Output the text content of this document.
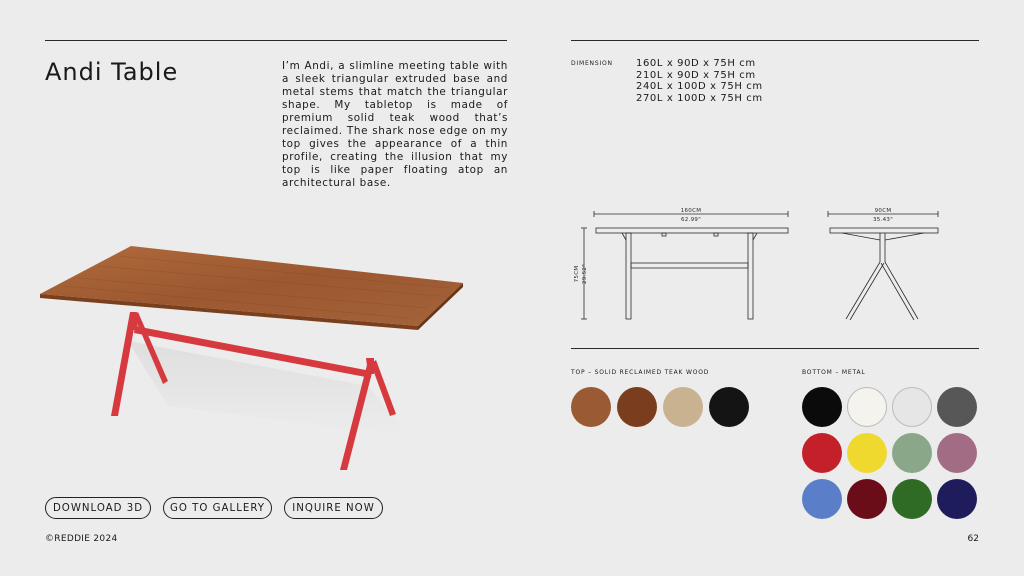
Andi Table	I’m Andi, a slimline meeting table with a sleek triangular extruded base and metal stems that match the triangular shape. My tabletop is made of premium solid teak wood that’s reclaimed. The shark nose edge on my top gives the appearance of a thin profile, creating the illusion that my top is like paper floating atop an architectural base.

DIMENSION 160L x 90D x 75H cm
210L x 90D x 75H cm
240L x 100D x 75H cm
270L x 100D x 75H cm
160CM
62.99"
90CM
35.43"
75CM 29.52"
TOP – SOLID RECLAIMED TEAK WOOD	BOTTOM – METAL
DOWNLOAD 3D	GO TO GALLERY	INQUIRE NOW
©REDDIE 2024	62
